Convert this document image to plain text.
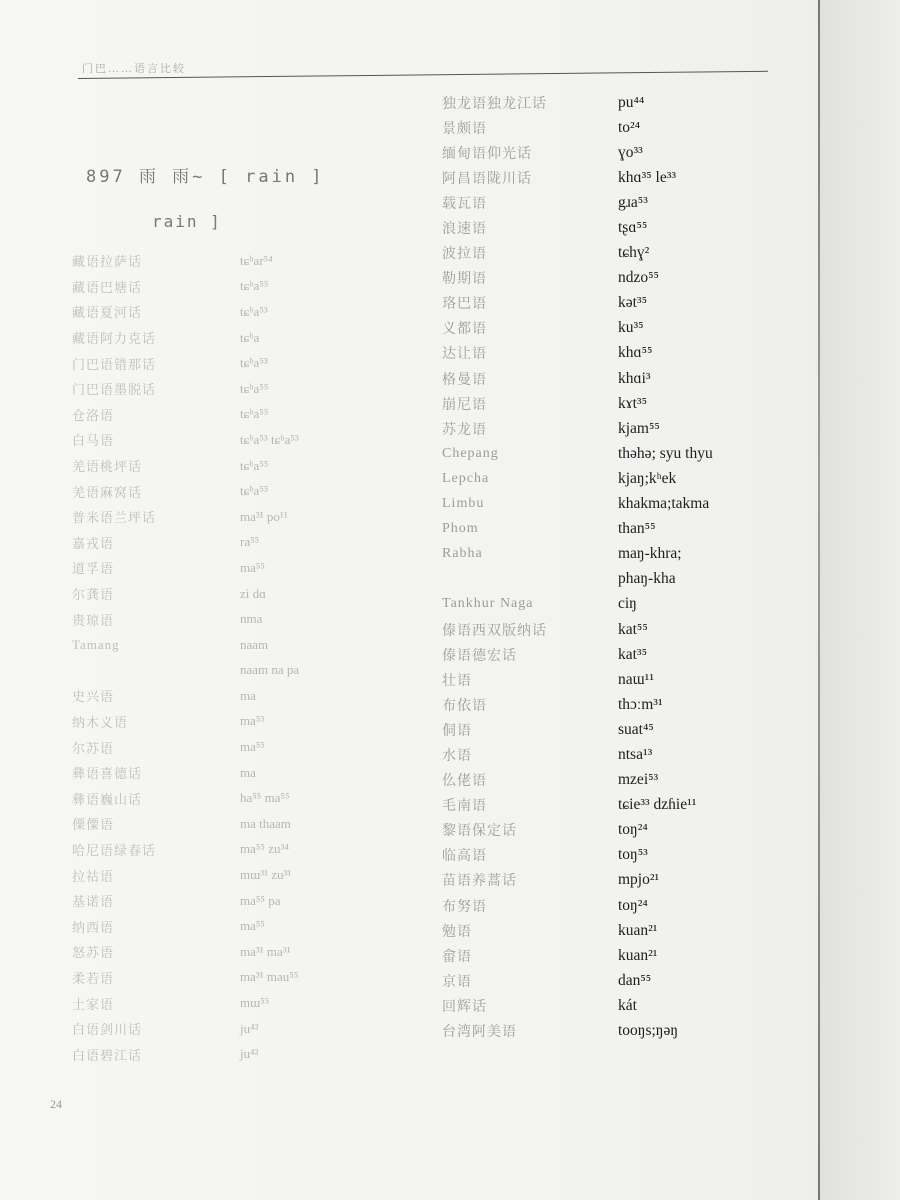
门巴……语言比较
897 雨 雨~ [ rain ]
rain ]
藏语拉萨话	tɕʰar⁵⁴
藏语巴塘话	tɕʰa⁵⁵
藏语夏河话	tɕʰa⁵³
藏语阿力克话	tɕʰa
门巴语错那话	tɕʰa⁵³
门巴语墨脱话	tɕʰa⁵⁵
仓洛语	tɕʰa⁵⁵
白马语	tɕʰa⁵³ tɕʰa⁵³
羌语桃坪话	tɕʰa⁵⁵
羌语麻窝话	tɕʰa⁵⁵
普米语兰坪话	ma³¹ po¹¹
嘉戎语	ra⁵⁵
道孚语	ma⁵⁵
尔龚语	zi dɑ
贵琼语	nma
Tamang	naam
naam na pa
史兴语	ma
纳木义语	ma⁵³
尔苏语	ma⁵⁵
彝语喜德话	ma
彝语巍山话	ha⁵⁵ ma⁵⁵
傈僳语	ma thaam
哈尼语绿春话	ma⁵⁵ zu³⁴
拉祜语	mɯ³¹ zu³¹
基诺语	ma⁵⁵ pa
纳西语	ma⁵⁵
怒苏语	ma³¹ ma³¹
柔若语	ma³¹ mau⁵⁵
土家语	mɯ⁵⁵
白语剑川话	ju⁴²
白语碧江话	ju⁴²
独龙语独龙江话	pu⁴⁴
景颇语	to²⁴
缅甸语仰光话	ɣo³³
阿昌语陇川话	khɑ³⁵ le³³
载瓦语	gɹa⁵³
浪速语	tʂɑ⁵⁵
波拉语	tɕhɣ²
勒期语	ndzo⁵⁵
珞巴语	kət³⁵
义都语	ku³⁵
达让语	khɑ⁵⁵
格曼语	khɑi³
崩尼语	kɤt³⁵
苏龙语	kjam⁵⁵
Chepang	thəhə; syu thyu
Lepcha	kjaŋ;kʰek
Limbu	khakma;takma
Phom	than⁵⁵
Rabha	maŋ-khra;
phaŋ-kha
Tankhur Naga	ciŋ
傣语西双版纳话	kat⁵⁵
傣语德宏话	kat³⁵
壮语	naɯ¹¹
布依语	thɔːm³¹
侗语	suat⁴⁵
水语	ntsa¹³
仫佬语	mzei⁵³
毛南语	tɕie³³ dzɦie¹¹
黎语保定话	toŋ²⁴
临高语	toŋ⁵³
苗语养蒿话	mpjo²¹
布努语	toŋ²⁴
勉语	kuan²¹
畲语	kuan²¹
京语	dan⁵⁵
回辉话	kát
台湾阿美语	tooŋs;ŋəŋ
24
